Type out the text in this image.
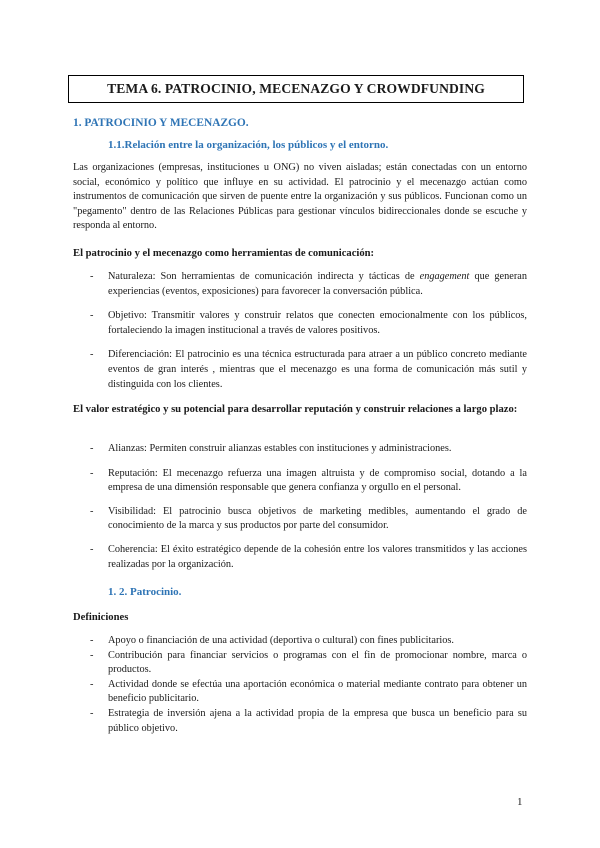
TEMA 6. PATROCINIO, MECENAZGO Y CROWDFUNDING
1. PATROCINIO Y MECENAZGO.
1.1.Relación entre la organización, los públicos y el entorno.

Las organizaciones (empresas, instituciones u ONG) no viven aisladas; están conectadas con un entorno social, económico y político que influye en su actividad. El patrocinio y el mecenazgo actúan como instrumentos de comunicación que sirven de puente entre la organización y sus públicos. Funcionan como un "pegamento" dentro de las Relaciones Públicas para gestionar vínculos bidireccionales donde se escuche y responda al entorno.

El patrocinio y el mecenazgo como herramientas de comunicación:

- Naturaleza: Son herramientas de comunicación indirecta y tácticas de engagement que generan experiencias (eventos, exposiciones) para favorecer la conversación pública.
- Objetivo: Transmitir valores y construir relatos que conecten emocionalmente con los públicos, fortaleciendo la imagen institucional a través de valores positivos.
- Diferenciación: El patrocinio es una técnica estructurada para atraer a un público concreto mediante eventos de gran interés , mientras que el mecenazgo es una forma de comunicación más sutil y distinguida con los clientes.

El valor estratégico y su potencial para desarrollar reputación y construir relaciones a largo plazo:

- Alianzas: Permiten construir alianzas estables con instituciones y administraciones.
- Reputación: El mecenazgo refuerza una imagen altruista y de compromiso social, dotando a la empresa de una dimensión responsable que genera confianza y orgullo en el personal.
- Visibilidad: El patrocinio busca objetivos de marketing medibles, aumentando el grado de conocimiento de la marca y sus productos por parte del consumidor.
- Coherencia: El éxito estratégico depende de la cohesión entre los valores transmitidos y las acciones realizadas por la organización.
1. 2. Patrocinio.

Definiciones

- Apoyo o financiación de una actividad (deportiva o cultural) con fines publicitarios.
- Contribución para financiar servicios o programas con el fin de promocionar nombre, marca o productos.
- Actividad donde se efectúa una aportación económica o material mediante contrato para obtener un beneficio publicitario.
- Estrategia de inversión ajena a la actividad propia de la empresa que busca un beneficio para su público objetivo.
1
